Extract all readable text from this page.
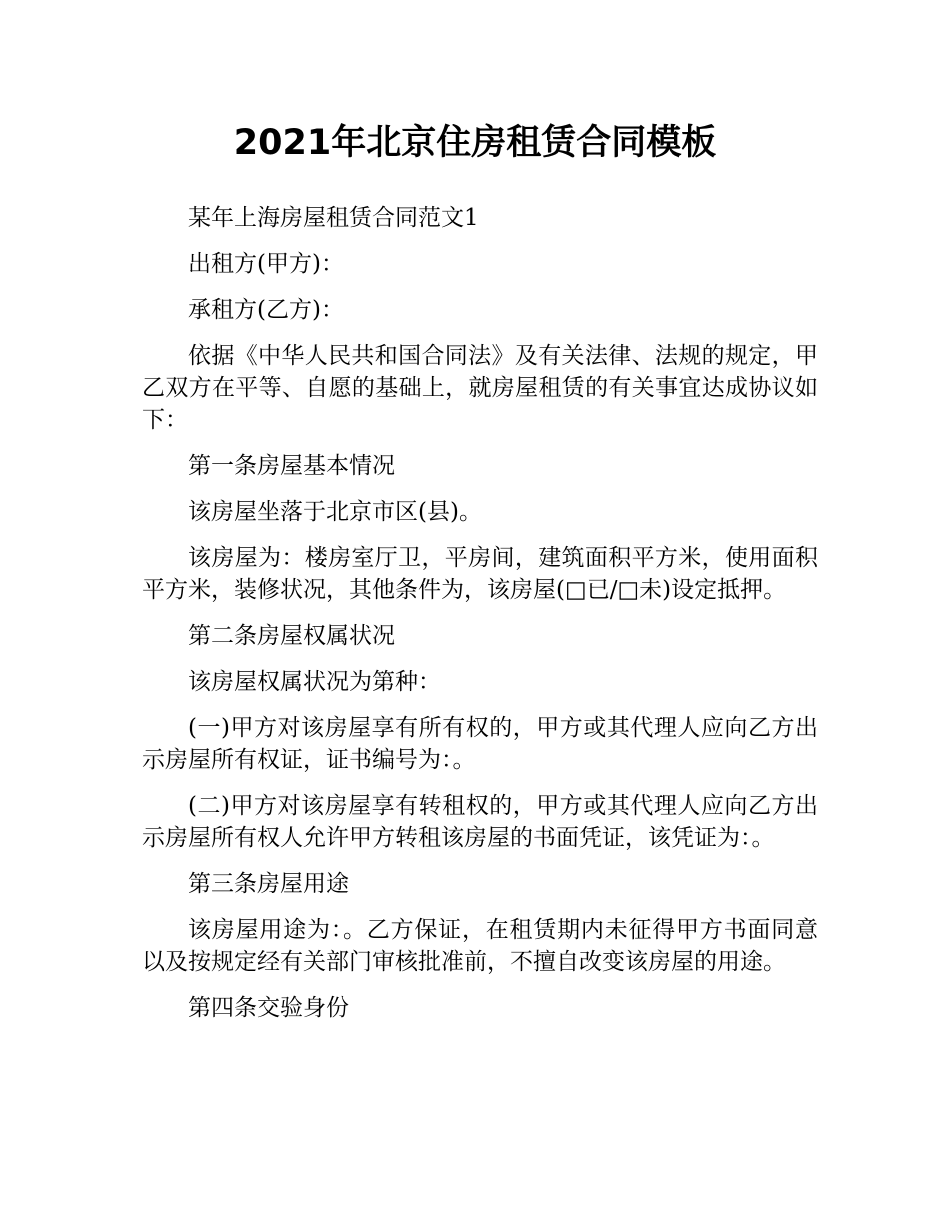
2021年北京住房租赁合同模板

某年上海房屋租赁合同范文1

出租方(甲方)：

承租方(乙方)：

依据《中华人民共和国合同法》及有关法律、法规的规定，甲乙双方在平等、自愿的基础上，就房屋租赁的有关事宜达成协议如下：

第一条房屋基本情况

该房屋坐落于北京市区(县)。

该房屋为：楼房室厅卫，平房间，建筑面积平方米，使用面积平方米，装修状况，其他条件为，该房屋(□已/□未)设定抵押。

第二条房屋权属状况

该房屋权属状况为第种：

(一)甲方对该房屋享有所有权的，甲方或其代理人应向乙方出示房屋所有权证，证书编号为：。

(二)甲方对该房屋享有转租权的，甲方或其代理人应向乙方出示房屋所有权人允许甲方转租该房屋的书面凭证，该凭证为：。

第三条房屋用途

该房屋用途为：。乙方保证，在租赁期内未征得甲方书面同意以及按规定经有关部门审核批准前，不擅自改变该房屋的用途。

第四条交验身份
